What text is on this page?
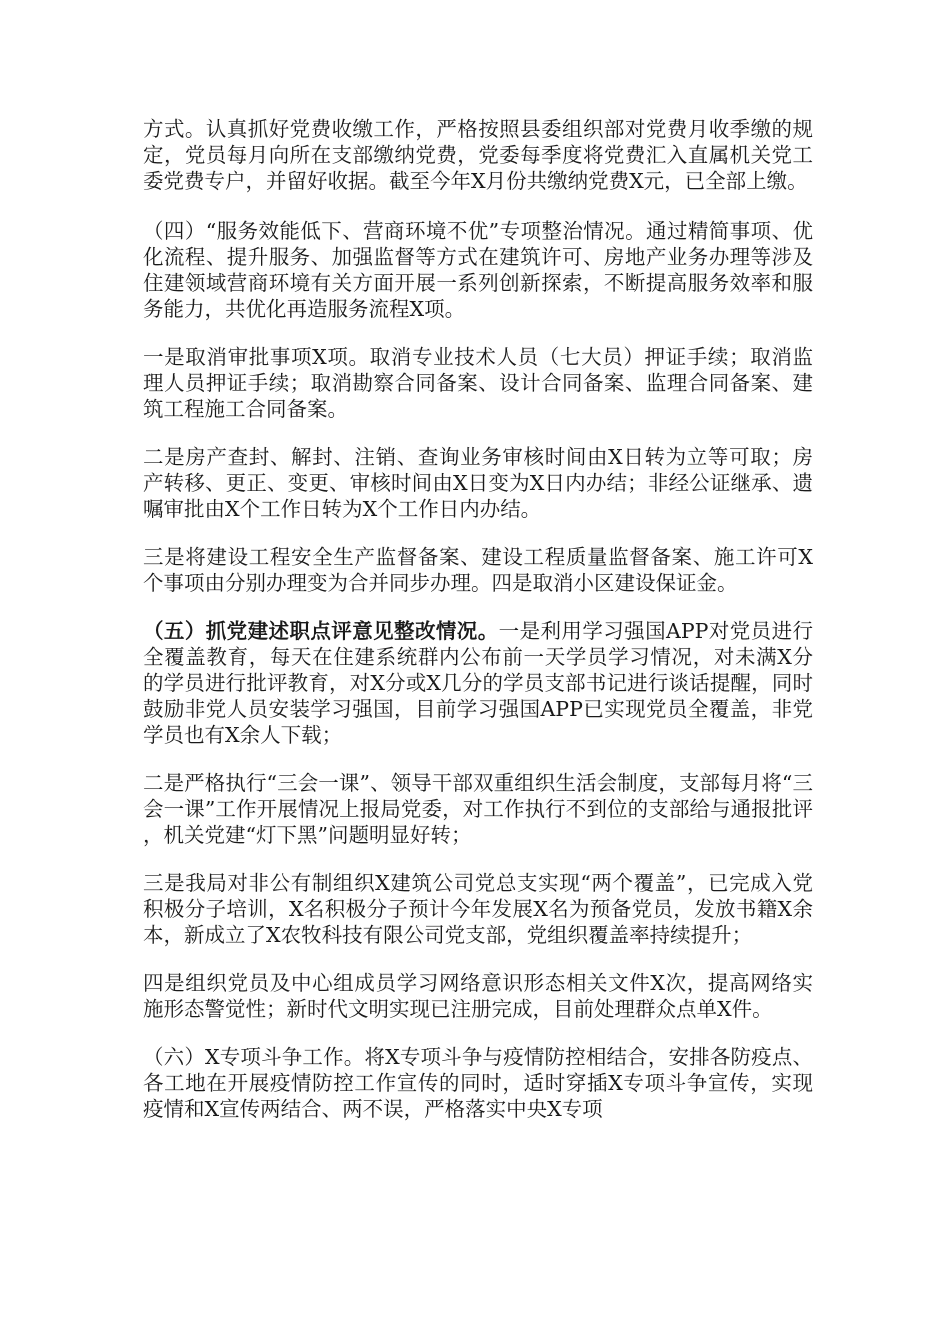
方式。认真抓好党费收缴工作，严格按照县委组织部对党费月收季缴的规定，党员每月向所在支部缴纳党费，党委每季度将党费汇入直属机关党工委党费专户，并留好收据。截至今年X月份共缴纳党费X元，已全部上缴。

（四）“服务效能低下、营商环境不优”专项整治情况。通过精简事项、优化流程、提升服务、加强监督等方式在建筑许可、房地产业务办理等涉及住建领域营商环境有关方面开展一系列创新探索，不断提高服务效率和服务能力，共优化再造服务流程X项。

一是取消审批事项X项。取消专业技术人员（七大员）押证手续；取消监理人员押证手续；取消勘察合同备案、设计合同备案、监理合同备案、建筑工程施工合同备案。

二是房产查封、解封、注销、查询业务审核时间由X日转为立等可取；房产转移、更正、变更、审核时间由X日变为X日内办结；非经公证继承、遗嘱审批由X个工作日转为X个工作日内办结。

三是将建设工程安全生产监督备案、建设工程质量监督备案、施工许可X个事项由分别办理变为合并同步办理。四是取消小区建设保证金。

（五）抓党建述职点评意见整改情况。一是利用学习强国APP对党员进行全覆盖教育，每天在住建系统群内公布前一天学员学习情况，对未满X分的学员进行批评教育，对X分或X几分的学员支部书记进行谈话提醒，同时鼓励非党人员安装学习强国，目前学习强国APP已实现党员全覆盖，非党学员也有X余人下载；

二是严格执行“三会一课”、领导干部双重组织生活会制度，支部每月将“三会一课”工作开展情况上报局党委，对工作执行不到位的支部给与通报批评，机关党建“灯下黑”问题明显好转；

三是我局对非公有制组织X建筑公司党总支实现“两个覆盖”，已完成入党积极分子培训，X名积极分子预计今年发展X名为预备党员，发放书籍X余本，新成立了X农牧科技有限公司党支部，党组织覆盖率持续提升；

四是组织党员及中心组成员学习网络意识形态相关文件X次，提高网络实施形态警觉性；新时代文明实现已注册完成，目前处理群众点单X件。

（六）X专项斗争工作。将X专项斗争与疫情防控相结合，安排各防疫点、各工地在开展疫情防控工作宣传的同时，适时穿插X专项斗争宣传，实现疫情和X宣传两结合、两不误，严格落实中央X专项
